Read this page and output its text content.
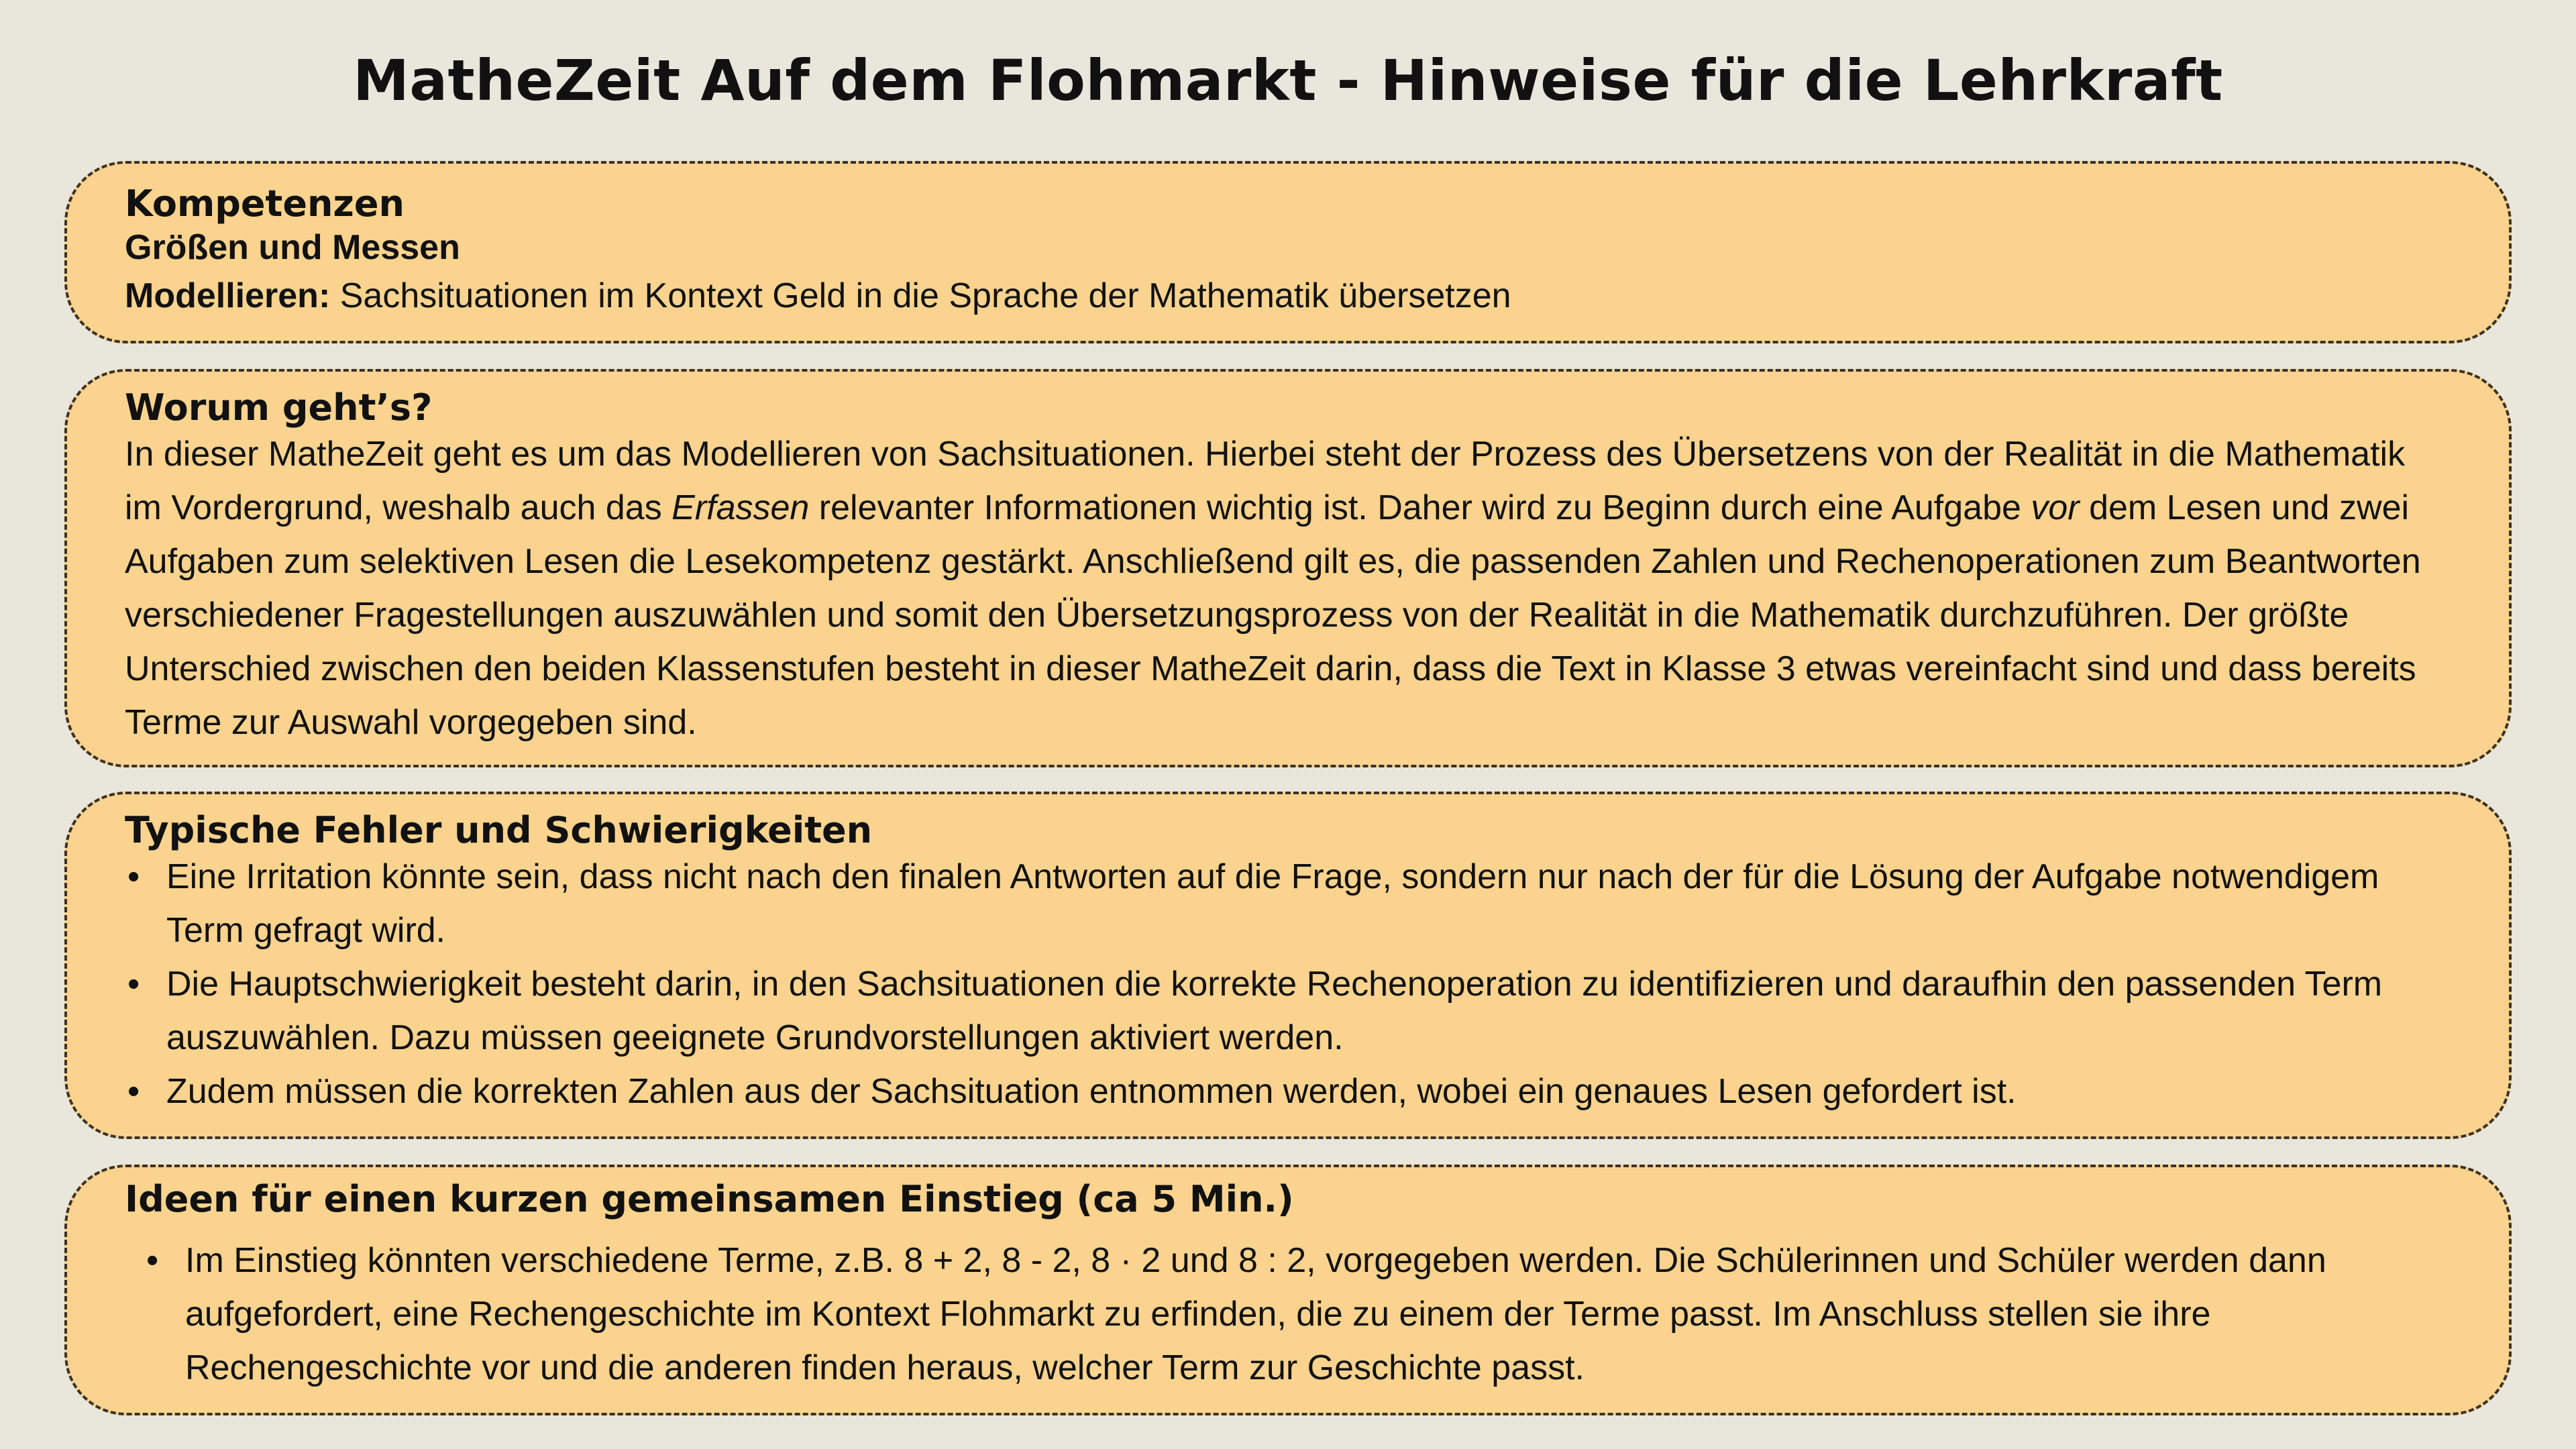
MatheZeit Auf dem Flohmarkt - Hinweise für die Lehrkraft
Kompetenzen

Größen und Messen

Modellieren: Sachsituationen im Kontext Geld in die Sprache der Mathematik übersetzen

Worum geht’s?

In dieser MatheZeit geht es um das Modellieren von Sachsituationen. Hierbei steht der Prozess des Übersetzens von der Realität in die Mathematik im Vordergrund, weshalb auch das Erfassen relevanter Informationen wichtig ist. Daher wird zu Beginn durch eine Aufgabe vor dem Lesen und zwei Aufgaben zum selektiven Lesen die Lesekompetenz gestärkt. Anschließend gilt es, die passenden Zahlen und Rechenoperationen zum Beantworten verschiedener Fragestellungen auszuwählen und somit den Übersetzungsprozess von der Realität in die Mathematik durchzuführen. Der größte Unterschied zwischen den beiden Klassenstufen besteht in dieser MatheZeit darin, dass die Text in Klasse 3 etwas vereinfacht sind und dass bereits Terme zur Auswahl vorgegeben sind.

Typische Fehler und Schwierigkeiten
• Eine Irritation könnte sein, dass nicht nach den finalen Antworten auf die Frage, sondern nur nach der für die Lösung der Aufgabe notwendigem Term gefragt wird.
• Die Hauptschwierigkeit besteht darin, in den Sachsituationen die korrekte Rechenoperation zu identifizieren und daraufhin den passenden Term auszuwählen. Dazu müssen geeignete Grundvorstellungen aktiviert werden.
• Zudem müssen die korrekten Zahlen aus der Sachsituation entnommen werden, wobei ein genaues Lesen gefordert ist.
Ideen für einen kurzen gemeinsamen Einstieg (ca 5 Min.)
• Im Einstieg könnten verschiedene Terme, z.B. 8 + 2, 8 - 2, 8 · 2 und 8 : 2, vorgegeben werden. Die Schülerinnen und Schüler werden dann aufgefordert, eine Rechengeschichte im Kontext Flohmarkt zu erfinden, die zu einem der Terme passt. Im Anschluss stellen sie ihre Rechengeschichte vor und die anderen finden heraus, welcher Term zur Geschichte passt.
